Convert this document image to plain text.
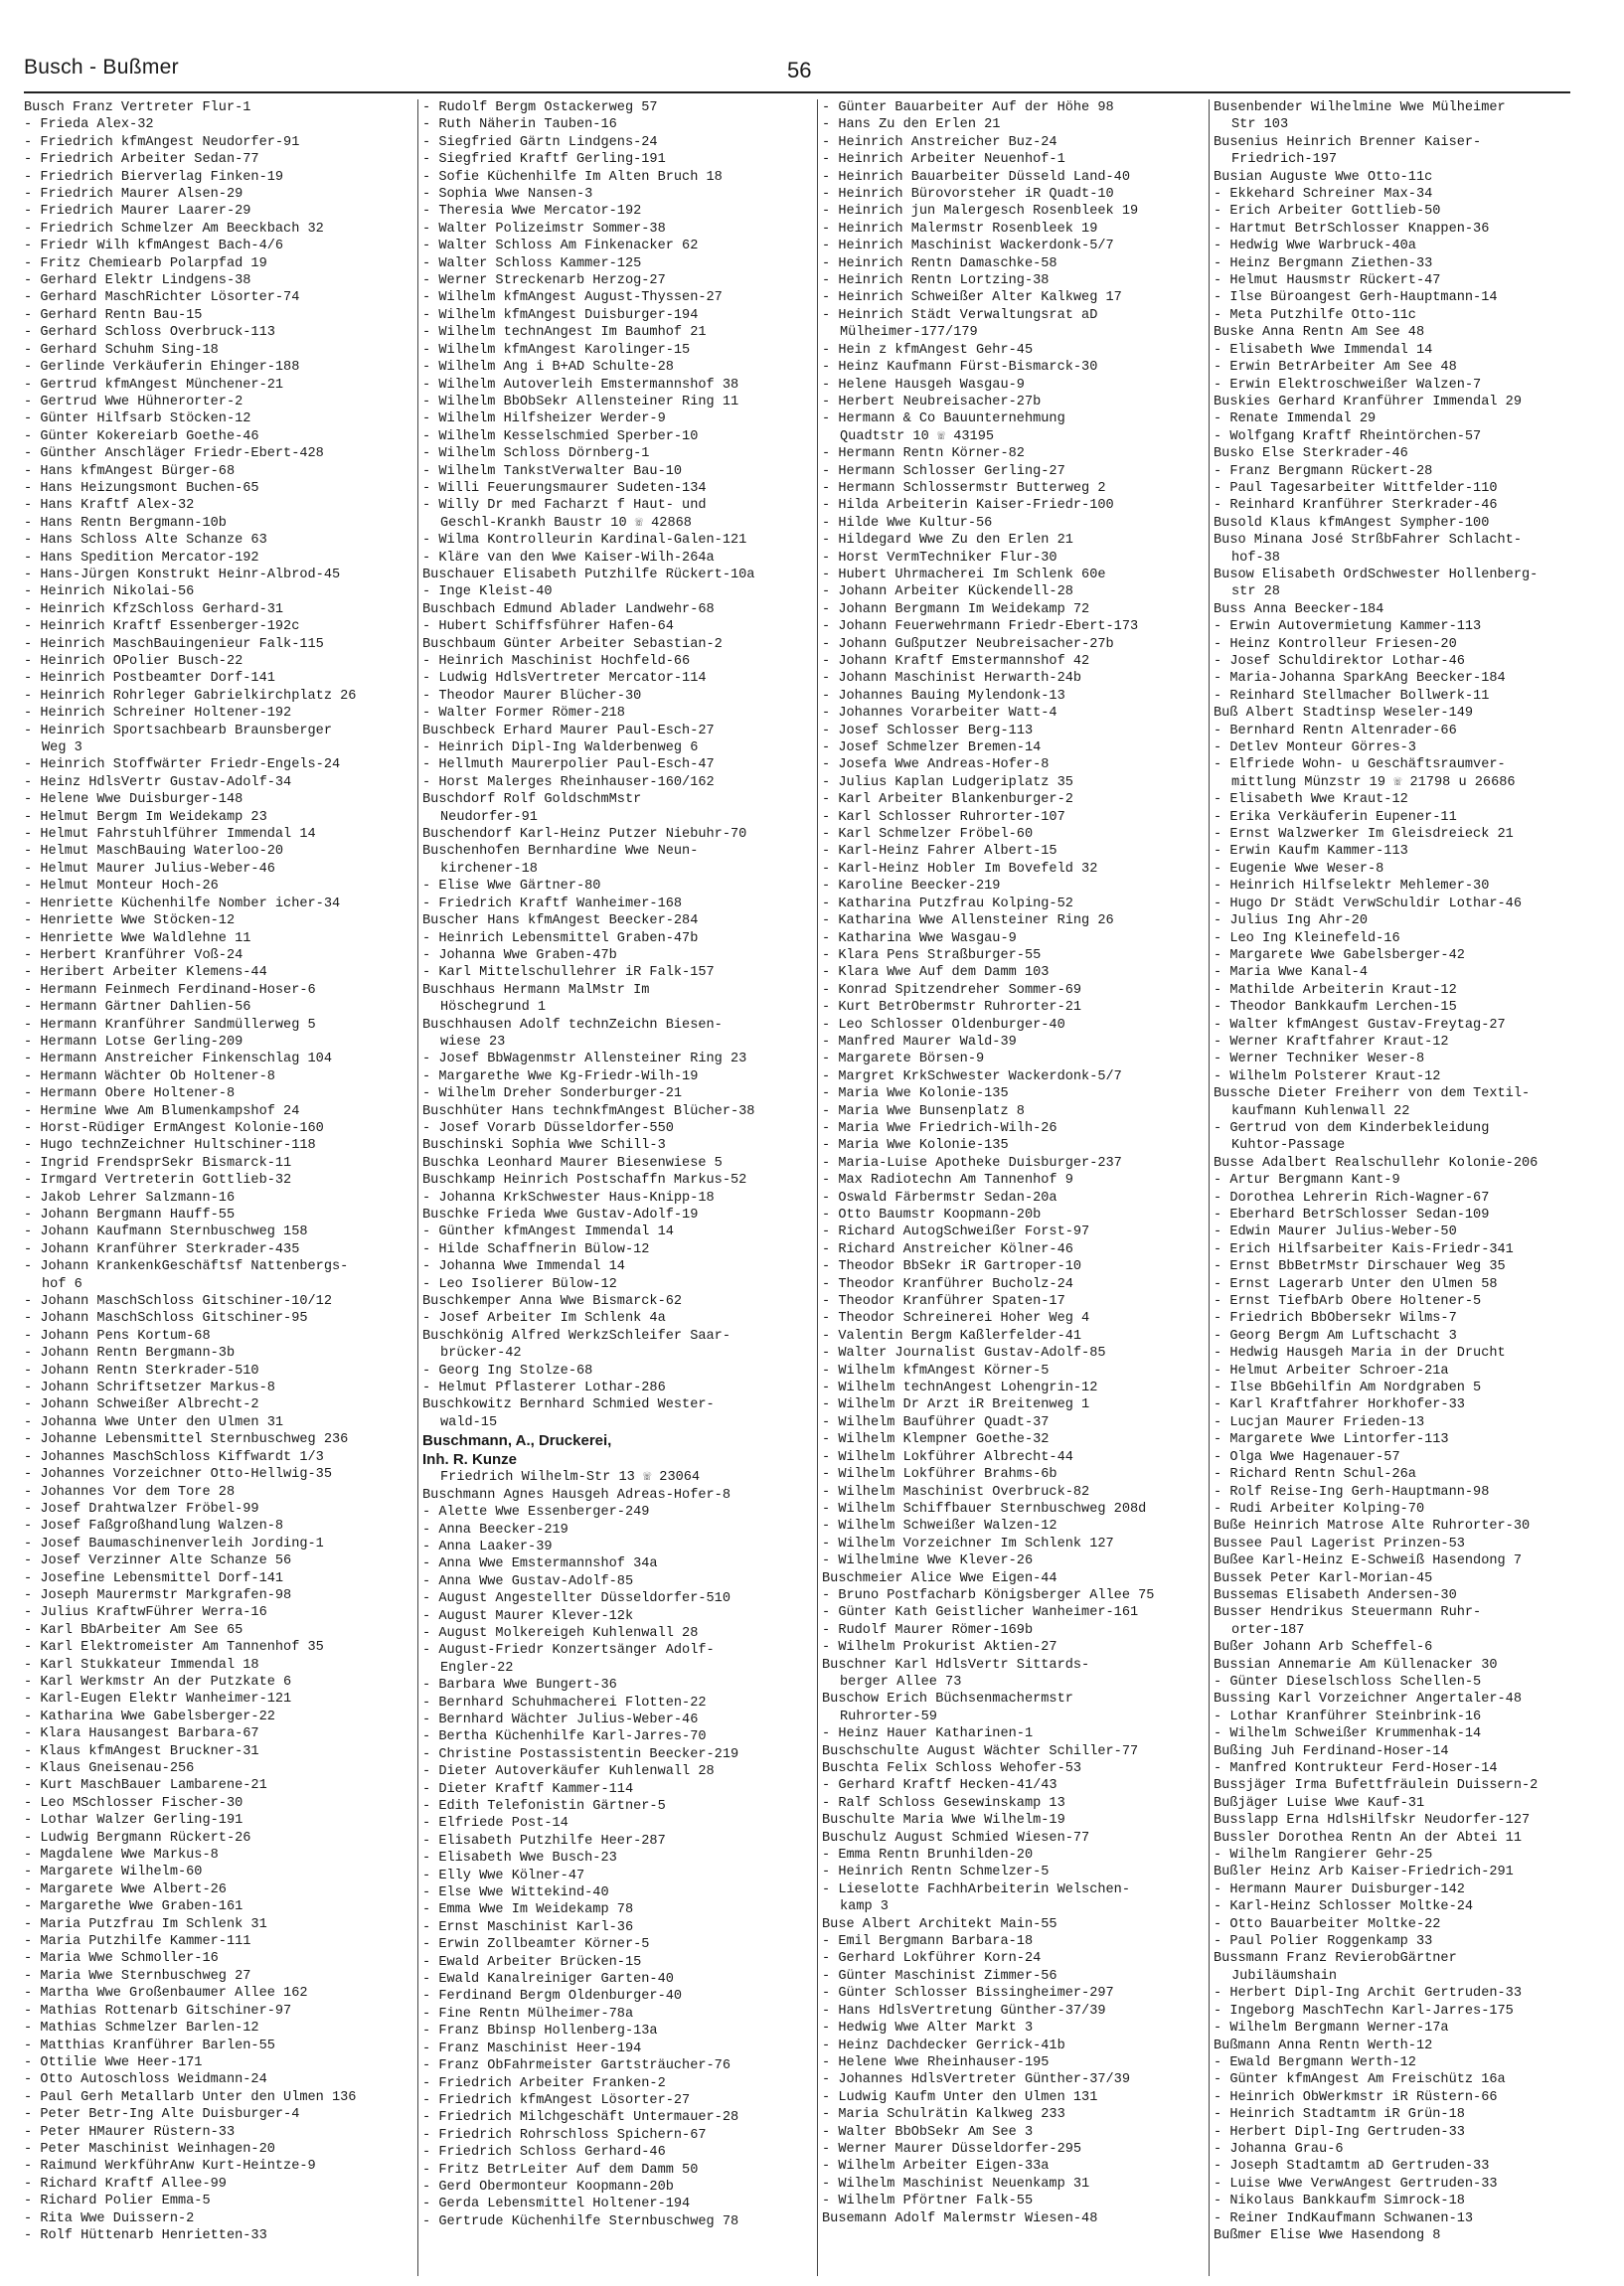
Busch - Bußmer	56
Busch Franz Vertreter Flur-1
- Frieda Alex-32
- Friedrich kfmAngest Neudorfer-91
- Friedrich Arbeiter Sedan-77
- Friedrich Bierverlag Finken-19
- Friedrich Maurer Alsen-29
- Friedrich Maurer Laarer-29
- Friedrich Schmelzer Am Beeckbach 32
- Friedr Wilh kfmAngest Bach-4/6
- Fritz Chemiearb Polarpfad 19
- Gerhard Elektr Lindgens-38
- Gerhard MaschRichter Lösorter-74
- Gerhard Rentn Bau-15
- Gerhard Schloss Overbruck-113
- Gerhard Schuhm Sing-18
- Gerlinde Verkäuferin Ehinger-188
- Gertrud kfmAngest Münchener-21
- Gertrud Wwe Hühnerorter-2
- Günter Hilfsarb Stöcken-12
- Günter Kokereiarb Goethe-46
- Günther Anschläger Friedr-Ebert-428
- Hans kfmAngest Bürger-68
- Hans Heizungsmont Buchen-65
- Hans Kraftf Alex-32
- Hans Rentn Bergmann-10b
- Hans Schloss Alte Schanze 63
- Hans Spedition Mercator-192
- Hans-Jürgen Konstrukt Heinr-Albrod-45
- Heinrich Nikolai-56
- Heinrich KfzSchloss Gerhard-31
- Heinrich Kraftf Essenberger-192c
- Heinrich MaschBauingenieur Falk-115
- Heinrich OPolier Busch-22
- Heinrich Postbeamter Dorf-141
- Heinrich Rohrleger Gabrielkirchplatz 26
- Heinrich Schreiner Holtener-192
- Heinrich Sportsachbearb Braunsberger
Weg 3
- Heinrich Stoffwärter Friedr-Engels-24
- Heinz HdlsVertr Gustav-Adolf-34
- Helene Wwe Duisburger-148
- Helmut Bergm Im Weidekamp 23
- Helmut Fahrstuhlführer Immendal 14
- Helmut MaschBauing Waterloo-20
- Helmut Maurer Julius-Weber-46
- Helmut Monteur Hoch-26
- Henriette Küchenhilfe Nomber icher-34
- Henriette Wwe Stöcken-12
- Henriette Wwe Waldlehne 11
- Herbert Kranführer Voß-24
- Heribert Arbeiter Klemens-44
- Hermann Feinmech Ferdinand-Hoser-6
- Hermann Gärtner Dahlien-56
- Hermann Kranführer Sandmüllerweg 5
- Hermann Lotse Gerling-209
- Hermann Anstreicher Finkenschlag 104
- Hermann Wächter Ob Holtener-8
- Hermann Obere Holtener-8
- Hermine Wwe Am Blumenkampshof 24
- Horst-Rüdiger ErmAngest Kolonie-160
- Hugo technZeichner Hultschiner-118
- Ingrid FrendsprSekr Bismarck-11
- Irmgard Vertreterin Gottlieb-32
- Jakob Lehrer Salzmann-16
- Johann Bergmann Hauff-55
- Johann Kaufmann Sternbuschweg 158
- Johann Kranführer Sterkrader-435
- Johann KrankenkGeschäftsf Nattenbergs-
hof 6
- Johann MaschSchloss Gitschiner-10/12
- Johann MaschSchloss Gitschiner-95
- Johann Pens Kortum-68
- Johann Rentn Bergmann-3b
- Johann Rentn Sterkrader-510
- Johann Schriftsetzer Markus-8
- Johann Schweißer Albrecht-2
- Johanna Wwe Unter den Ulmen 31
- Johanne Lebensmittel Sternbuschweg 236
- Johannes MaschSchloss Kiffwardt 1/3
- Johannes Vorzeichner Otto-Hellwig-35
- Johannes Vor dem Tore 28
- Josef Drahtwalzer Fröbel-99
- Josef Faßgroßhandlung Walzen-8
- Josef Baumaschinenverleih Jording-1
- Josef Verzinner Alte Schanze 56
- Josefine Lebensmittel Dorf-141
- Joseph Maurermstr Markgrafen-98
- Julius KraftwFührer Werra-16
- Karl BbArbeiter Am See 65
- Karl Elektromeister Am Tannenhof 35
- Karl Stukkateur Immendal 18
- Karl Werkmstr An der Putzkate 6
- Karl-Eugen Elektr Wanheimer-121
- Katharina Wwe Gabelsberger-22
- Klara Hausangest Barbara-67
- Klaus kfmAngest Bruckner-31
- Klaus Gneisenau-256
- Kurt MaschBauer Lambarene-21
- Leo MSchlosser Fischer-30
- Lothar Walzer Gerling-191
- Ludwig Bergmann Rückert-26
- Magdalene Wwe Markus-8
- Margarete Wilhelm-60
- Margarete Wwe Albert-26
- Margarethe Wwe Graben-161
- Maria Putzfrau Im Schlenk 31
- Maria Putzhilfe Kammer-111
- Maria Wwe Schmoller-16
- Maria Wwe Sternbuschweg 27
- Martha Wwe Großenbaumer Allee 162
- Mathias Rottenarb Gitschiner-97
- Mathias Schmelzer Barlen-12
- Matthias Kranführer Barlen-55
- Ottilie Wwe Heer-171
- Otto Autoschloss Weidmann-24
- Paul Gerh Metallarb Unter den Ulmen 136
- Peter Betr-Ing Alte Duisburger-4
- Peter HMaurer Rüstern-33
- Peter Maschinist Weinhagen-20
- Raimund WerkführAnw Kurt-Heintze-9
- Richard Kraftf Allee-99
- Richard Polier Emma-5
- Rita Wwe Duissern-2
- Rolf Hüttenarb Henrietten-33
- Rudolf Bergm Ostackerweg 57
- Ruth Näherin Tauben-16
- Siegfried Gärtn Lindgens-24
- Siegfried Kraftf Gerling-191
- Sofie Küchenhilfe Im Alten Bruch 18
- Sophia Wwe Nansen-3
- Theresia Wwe Mercator-192
- Walter Polizeimstr Sommer-38
- Walter Schloss Am Finkenacker 62
- Walter Schloss Kammer-125
- Werner Streckenarb Herzog-27
- Wilhelm kfmAngest August-Thyssen-27
- Wilhelm kfmAngest Duisburger-194
- Wilhelm technAngest Im Baumhof 21
- Wilhelm kfmAngest Karolinger-15
- Wilhelm Ang i B+AD Schulte-28
- Wilhelm Autoverleih Emstermannshof 38
- Wilhelm BbObSekr Allensteiner Ring 11
- Wilhelm Hilfsheizer Werder-9
- Wilhelm Kesselschmied Sperber-10
- Wilhelm Schloss Dörnberg-1
- Wilhelm TankstVerwalter Bau-10
- Willi Feuerungsmaurer Sudeten-134
- Willy Dr med Facharzt f Haut- und
Geschl-Krankh Baustr 10 ☏ 42868
- Wilma Kontrolleurin Kardinal-Galen-121
- Kläre van den Wwe Kaiser-Wilh-264a
Buschauer Elisabeth Putzhilfe Rückert-10a
- Inge Kleist-40
Buschbach Edmund Ablader Landwehr-68
- Hubert Schiffsführer Hafen-64
Buschbaum Günter Arbeiter Sebastian-2
- Heinrich Maschinist Hochfeld-66
- Ludwig HdlsVertreter Mercator-114
- Theodor Maurer Blücher-30
- Walter Former Römer-218
Buschbeck Erhard Maurer Paul-Esch-27
- Heinrich Dipl-Ing Walderbenweg 6
- Hellmuth Maurerpolier Paul-Esch-47
- Horst Malerges Rheinhauser-160/162
Buschdorf Rolf GoldschmMstr
Neudorfer-91
Buschendorf Karl-Heinz Putzer Niebuhr-70
Buschenhofen Bernhardine Wwe Neun-
kirchener-18
- Elise Wwe Gärtner-80
- Friedrich Kraftf Wanheimer-168
Buscher Hans kfmAngest Beecker-284
- Heinrich Lebensmittel Graben-47b
- Johanna Wwe Graben-47b
- Karl Mittelschullehrer iR Falk-157
Buschhaus Hermann MalMstr Im
Höschegrund 1
Buschhausen Adolf technZeichn Biesen-
wiese 23
- Josef BbWagenmstr Allensteiner Ring 23
- Margarethe Wwe Kg-Friedr-Wilh-19
- Wilhelm Dreher Sonderburger-21
Buschhüter Hans technkfmAngest Blücher-38
- Josef Vorarb Düsseldorfer-550
Buschinski Sophia Wwe Schill-3
Buschka Leonhard Maurer Biesenwiese 5
Buschkamp Heinrich Postschaffn Markus-52
- Johanna KrkSchwester Haus-Knipp-18
Buschke Frieda Wwe Gustav-Adolf-19
- Günther kfmAngest Immendal 14
- Hilde Schaffnerin Bülow-12
- Johanna Wwe Immendal 14
- Leo Isolierer Bülow-12
Buschkemper Anna Wwe Bismarck-62
- Josef Arbeiter Im Schlenk 4a
Buschkönig Alfred WerkzSchleifer Saar-
brücker-42
- Georg Ing Stolze-68
- Helmut Pflasterer Lothar-286
Buschkowitz Bernhard Schmied Wester-
wald-15
Buschmann, A., Druckerei,
Inh. R. Kunze
Friedrich Wilhelm-Str 13 ☏ 23064
Buschmann Agnes Hausgeh Adreas-Hofer-8
- Alette Wwe Essenberger-249
- Anna Beecker-219
- Anna Laaker-39
- Anna Wwe Emstermannshof 34a
- Anna Wwe Gustav-Adolf-85
- August Angestellter Düsseldorfer-510
- August Maurer Klever-12k
- August Molkereigeh Kuhlenwall 28
- August-Friedr Konzertsänger Adolf-
Engler-22
- Barbara Wwe Bungert-36
- Bernhard Schuhmacherei Flotten-22
- Bernhard Wächter Julius-Weber-46
- Bertha Küchenhilfe Karl-Jarres-70
- Christine Postassistentin Beecker-219
- Dieter Autoverkäufer Kuhlenwall 28
- Dieter Kraftf Kammer-114
- Edith Telefonistin Gärtner-5
- Elfriede Post-14
- Elisabeth Putzhilfe Heer-287
- Elisabeth Wwe Busch-23
- Elly Wwe Kölner-47
- Else Wwe Wittekind-40
- Emma Wwe Im Weidekamp 78
- Ernst Maschinist Karl-36
- Erwin Zollbeamter Körner-5
- Ewald Arbeiter Brücken-15
- Ewald Kanalreiniger Garten-40
- Ferdinand Bergm Oldenburger-40
- Fine Rentn Mülheimer-78a
- Franz Bbinsp Hollenberg-13a
- Franz Maschinist Heer-194
- Franz ObFahrmeister Gartsträucher-76
- Friedrich Arbeiter Franken-2
- Friedrich kfmAngest Lösorter-27
- Friedrich Milchgeschäft Untermauer-28
- Friedrich Rohrschloss Spichern-67
- Friedrich Schloss Gerhard-46
- Fritz BetrLeiter Auf dem Damm 50
- Gerd Obermonteur Koopmann-20b
- Gerda Lebensmittel Holtener-194
- Gertrude Küchenhilfe Sternbuschweg 78
- Günter Bauarbeiter Auf der Höhe 98
- Hans Zu den Erlen 21
- Heinrich Anstreicher Buz-24
- Heinrich Arbeiter Neuenhof-1
- Heinrich Bauarbeiter Düsseld Land-40
- Heinrich Bürovorsteher iR Quadt-10
- Heinrich jun Malergesch Rosenbleek 19
- Heinrich Malermstr Rosenbleek 19
- Heinrich Maschinist Wackerdonk-5/7
- Heinrich Rentn Damaschke-58
- Heinrich Rentn Lortzing-38
- Heinrich Schweißer Alter Kalkweg 17
- Heinrich Städt Verwaltungsrat aD
Mülheimer-177/179
- Hein z kfmAngest Gehr-45
- Heinz Kaufmann Fürst-Bismarck-30
- Helene Hausgeh Wasgau-9
- Herbert Neubreisacher-27b
- Hermann & Co Bauunternehmung
Quadtstr 10 ☏ 43195
- Hermann Rentn Körner-82
- Hermann Schlosser Gerling-27
- Hermann Schlossermstr Butterweg 2
- Hilda Arbeiterin Kaiser-Friedr-100
- Hilde Wwe Kultur-56
- Hildegard Wwe Zu den Erlen 21
- Horst VermTechniker Flur-30
- Hubert Uhrmacherei Im Schlenk 60e
- Johann Arbeiter Kückendell-28
- Johann Bergmann Im Weidekamp 72
- Johann Feuerwehrmann Friedr-Ebert-173
- Johann Gußputzer Neubreisacher-27b
- Johann Kraftf Emstermannshof 42
- Johann Maschinist Herwarth-24b
- Johannes Bauing Mylendonk-13
- Johannes Vorarbeiter Watt-4
- Josef Schlosser Berg-113
- Josef Schmelzer Bremen-14
- Josefa Wwe Andreas-Hofer-8
- Julius Kaplan Ludgeriplatz 35
- Karl Arbeiter Blankenburger-2
- Karl Schlosser Ruhrorter-107
- Karl Schmelzer Fröbel-60
- Karl-Heinz Fahrer Albert-15
- Karl-Heinz Hobler Im Bovefeld 32
- Karoline Beecker-219
- Katharina Putzfrau Kolping-52
- Katharina Wwe Allensteiner Ring 26
- Katharina Wwe Wasgau-9
- Klara Pens Straßburger-55
- Klara Wwe Auf dem Damm 103
- Konrad Spitzendreher Sommer-69
- Kurt BetrObermstr Ruhrorter-21
- Leo Schlosser Oldenburger-40
- Manfred Maurer Wald-39
- Margarete Börsen-9
- Margret KrkSchwester Wackerdonk-5/7
- Maria Wwe Kolonie-135
- Maria Wwe Bunsenplatz 8
- Maria Wwe Friedrich-Wilh-26
- Maria Wwe Kolonie-135
- Maria-Luise Apotheke Duisburger-237
- Max Radiotechn Am Tannenhof 9
- Oswald Färbermstr Sedan-20a
- Otto Baumstr Koopmann-20b
- Richard AutogSchweißer Forst-97
- Richard Anstreicher Kölner-46
- Theodor BbSekr iR Gartroper-10
- Theodor Kranführer Bucholz-24
- Theodor Kranführer Spaten-17
- Theodor Schreinerei Hoher Weg 4
- Valentin Bergm Kaßlerfelder-41
- Walter Journalist Gustav-Adolf-85
- Wilhelm kfmAngest Körner-5
- Wilhelm technAngest Lohengrin-12
- Wilhelm Dr Arzt iR Breitenweg 1
- Wilhelm Bauführer Quadt-37
- Wilhelm Klempner Goethe-32
- Wilhelm Lokführer Albrecht-44
- Wilhelm Lokführer Brahms-6b
- Wilhelm Maschinist Overbruck-82
- Wilhelm Schiffbauer Sternbuschweg 208d
- Wilhelm Schweißer Walzen-12
- Wilhelm Vorzeichner Im Schlenk 127
- Wilhelmine Wwe Klever-26
Buschmeier Alice Wwe Eigen-44
- Bruno Postfacharb Königsberger Allee 75
- Günter Kath Geistlicher Wanheimer-161
- Rudolf Maurer Römer-169b
- Wilhelm Prokurist Aktien-27
Buschner Karl HdlsVertr Sittards-
berger Allee 73
Buschow Erich Büchsenmachermstr
Ruhrorter-59
- Heinz Hauer Katharinen-1
Buschschulte August Wächter Schiller-77
Buschta Felix Schloss Wehofer-53
- Gerhard Kraftf Hecken-41/43
- Ralf Schloss Gesewinskamp 13
Buschulte Maria Wwe Wilhelm-19
Buschulz August Schmied Wiesen-77
- Emma Rentn Brunhilden-20
- Heinrich Rentn Schmelzer-5
- Lieselotte FachhArbeiterin Welschen-
kamp 3
Buse Albert Architekt Main-55
- Emil Bergmann Barbara-18
- Gerhard Lokführer Korn-24
- Günter Maschinist Zimmer-56
- Günter Schlosser Bissingheimer-297
- Hans HdlsVertretung Günther-37/39
- Hedwig Wwe Alter Markt 3
- Heinz Dachdecker Gerrick-41b
- Helene Wwe Rheinhauser-195
- Johannes HdlsVertreter Günther-37/39
- Ludwig Kaufm Unter den Ulmen 131
- Maria Schulrätin Kalkweg 233
- Walter BbObSekr Am See 3
- Werner Maurer Düsseldorfer-295
- Wilhelm Arbeiter Eigen-33a
- Wilhelm Maschinist Neuenkamp 31
- Wilhelm Pförtner Falk-55
Busemann Adolf Malermstr Wiesen-48
Busenbender Wilhelmine Wwe Mülheimer
Str 103
Busenius Heinrich Brenner Kaiser-
Friedrich-197
Busian Auguste Wwe Otto-11c
- Ekkehard Schreiner Max-34
- Erich Arbeiter Gottlieb-50
- Hartmut BetrSchlosser Knappen-36
- Hedwig Wwe Warbruck-40a
- Heinz Bergmann Ziethen-33
- Helmut Hausmstr Rückert-47
- Ilse Büroangest Gerh-Hauptmann-14
- Meta Putzhilfe Otto-11c
Buske Anna Rentn Am See 48
- Elisabeth Wwe Immendal 14
- Erwin BetrArbeiter Am See 48
- Erwin Elektroschweißer Walzen-7
Buskies Gerhard Kranführer Immendal 29
- Renate Immendal 29
- Wolfgang Kraftf Rheintörchen-57
Busko Else Sterkrader-46
- Franz Bergmann Rückert-28
- Paul Tagesarbeiter Wittfelder-110
- Reinhard Kranführer Sterkrader-46
Busold Klaus kfmAngest Sympher-100
Buso Minana José StrßbFahrer Schlacht-
hof-38
Busow Elisabeth OrdSchwester Hollenberg-
str 28
Buss Anna Beecker-184
- Erwin Autovermietung Kammer-113
- Heinz Kontrolleur Friesen-20
- Josef Schuldirektor Lothar-46
- Maria-Johanna SparkAng Beecker-184
- Reinhard Stellmacher Bollwerk-11
Buß Albert Stadtinsp Weseler-149
- Bernhard Rentn Altenrader-66
- Detlev Monteur Görres-3
- Elfriede Wohn- u Geschäftsraumver-
mittlung Münzstr 19 ☏ 21798 u 26686
- Elisabeth Wwe Kraut-12
- Erika Verkäuferin Eupener-11
- Ernst Walzwerker Im Gleisdreieck 21
- Erwin Kaufm Kammer-113
- Eugenie Wwe Weser-8
- Heinrich Hilfselektr Mehlemer-30
- Hugo Dr Städt VerwSchuldir Lothar-46
- Julius Ing Ahr-20
- Leo Ing Kleinefeld-16
- Margarete Wwe Gabelsberger-42
- Maria Wwe Kanal-4
- Mathilde Arbeiterin Kraut-12
- Theodor Bankkaufm Lerchen-15
- Walter kfmAngest Gustav-Freytag-27
- Werner Kraftfahrer Kraut-12
- Werner Techniker Weser-8
- Wilhelm Polsterer Kraut-12
Bussche Dieter Freiherr von dem Textil-
kaufmann Kuhlenwall 22
- Gertrud von dem Kinderbekleidung
Kuhtor-Passage
Busse Adalbert Realschullehr Kolonie-206
- Artur Bergmann Kant-9
- Dorothea Lehrerin Rich-Wagner-67
- Eberhard BetrSchlosser Sedan-109
- Edwin Maurer Julius-Weber-50
- Erich Hilfsarbeiter Kais-Friedr-341
- Ernst BbBetrMstr Dirschauer Weg 35
- Ernst Lagerarb Unter den Ulmen 58
- Ernst TiefbArb Obere Holtener-5
- Friedrich BbObersekr Wilms-7
- Georg Bergm Am Luftschacht 3
- Hedwig Hausgeh Maria in der Drucht
- Helmut Arbeiter Schroer-21a
- Ilse BbGehilfin Am Nordgraben 5
- Karl Kraftfahrer Horkhofer-33
- Lucjan Maurer Frieden-13
- Margarete Wwe Lintorfer-113
- Olga Wwe Hagenauer-57
- Richard Rentn Schul-26a
- Rolf Reise-Ing Gerh-Hauptmann-98
- Rudi Arbeiter Kolping-70
Buße Heinrich Matrose Alte Ruhrorter-30
Bussee Paul Lagerist Prinzen-53
Bußee Karl-Heinz E-Schweiß Hasendong 7
Bussek Peter Karl-Morian-45
Bussemas Elisabeth Andersen-30
Busser Hendrikus Steuermann Ruhr-
orter-187
Bußer Johann Arb Scheffel-6
Bussian Annemarie Am Küllenacker 30
- Günter Dieselschloss Schellen-5
Bussing Karl Vorzeichner Angertaler-48
- Lothar Kranführer Steinbrink-16
- Wilhelm Schweißer Krummenhak-14
Bußing Juh Ferdinand-Hoser-14
- Manfred Kontrukteur Ferd-Hoser-14
Bussjäger Irma Bufettfräulein Duissern-2
Bußjäger Luise Wwe Kauf-31
Busslapp Erna HdlsHilfskr Neudorfer-127
Bussler Dorothea Rentn An der Abtei 11
- Wilhelm Rangierer Gehr-25
Bußler Heinz Arb Kaiser-Friedrich-291
- Hermann Maurer Duisburger-142
- Karl-Heinz Schlosser Moltke-24
- Otto Bauarbeiter Moltke-22
- Paul Polier Roggenkamp 33
Bussmann Franz RevierobGärtner
Jubiläumshain
- Herbert Dipl-Ing Archit Gertruden-33
- Ingeborg MaschTechn Karl-Jarres-175
- Wilhelm Bergmann Werner-17a
Bußmann Anna Rentn Werth-12
- Ewald Bergmann Werth-12
- Günter kfmAngest Am Freischütz 16a
- Heinrich ObWerkmstr iR Rüstern-66
- Heinrich Stadtamtm iR Grün-18
- Herbert Dipl-Ing Gertruden-33
- Johanna Grau-6
- Joseph Stadtamtm aD Gertruden-33
- Luise Wwe VerwAngest Gertruden-33
- Nikolaus Bankkaufm Simrock-18
- Reiner IndKaufmann Schwanen-13
Bußmer Elise Wwe Hasendong 8
